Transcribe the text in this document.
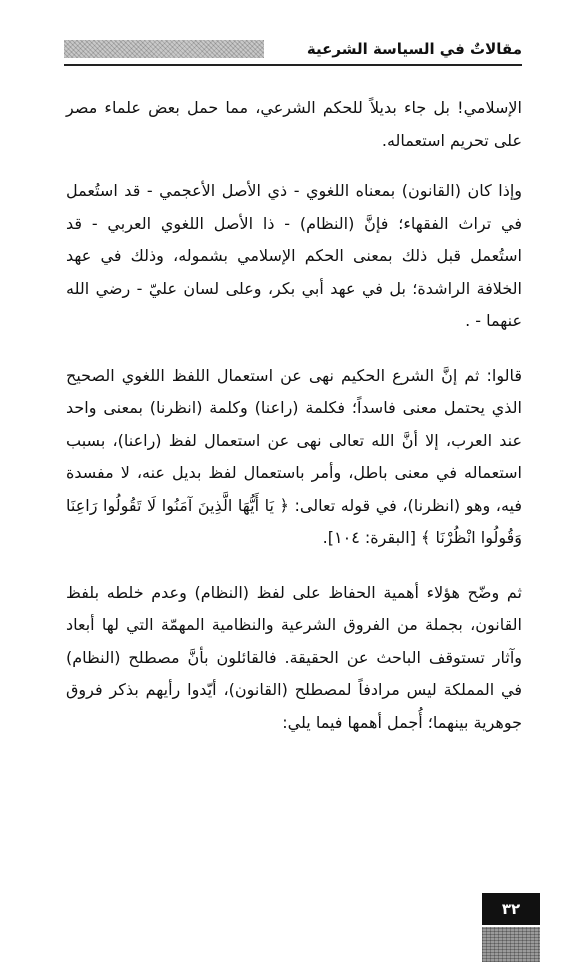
مقالاتٌ في السياسة الشرعية

الإسلامي! بل جاء بديلاً للحكم الشرعي، مما حمل بعض علماء مصر على تحريم استعماله.

وإذا كان (القانون) بمعناه اللغوي - ذي الأصل الأعجمي - قد استُعمل في تراث الفقهاء؛ فإنَّ (النظام) - ذا الأصل اللغوي العربي - قد استُعمل قبل ذلك بمعنى الحكم الإسلامي بشموله، وذلك في عهد الخلافة الراشدة؛ بل في عهد أبي بكر، وعلى لسان عليّ - رضي الله عنهما - .

قالوا: ثم إنَّ الشرع الحكيم نهى عن استعمال اللفظ اللغوي الصحيح الذي يحتمل معنى فاسداً؛ فكلمة (راعنا) وكلمة (انظرنا) بمعنى واحد عند العرب، إلا أنَّ الله تعالى نهى عن استعمال لفظ (راعنا)، بسبب استعماله في معنى باطل، وأمر باستعمال لفظ بديل عنه، لا مفسدة فيه، وهو (انظرنا)، في قوله تعالى: ﴿ يَا أَيُّهَا الَّذِينَ آمَنُوا لَا تَقُولُوا رَاعِنَا وَقُولُوا انْظُرْنَا ﴾ [البقرة: ١٠٤].

ثم وضّح هؤلاء أهمية الحفاظ على لفظ (النظام) وعدم خلطه بلفظ القانون، بجملة من الفروق الشرعية والنظامية المهمّة التي لها أبعاد وآثار تستوقف الباحث عن الحقيقة. فالقائلون بأنَّ مصطلح (النظام) في المملكة ليس مرادفاً لمصطلح (القانون)، أيّدوا رأيهم بذكر فروق جوهرية بينهما؛ أُجمل أهمها فيما يلي:

٣٢
